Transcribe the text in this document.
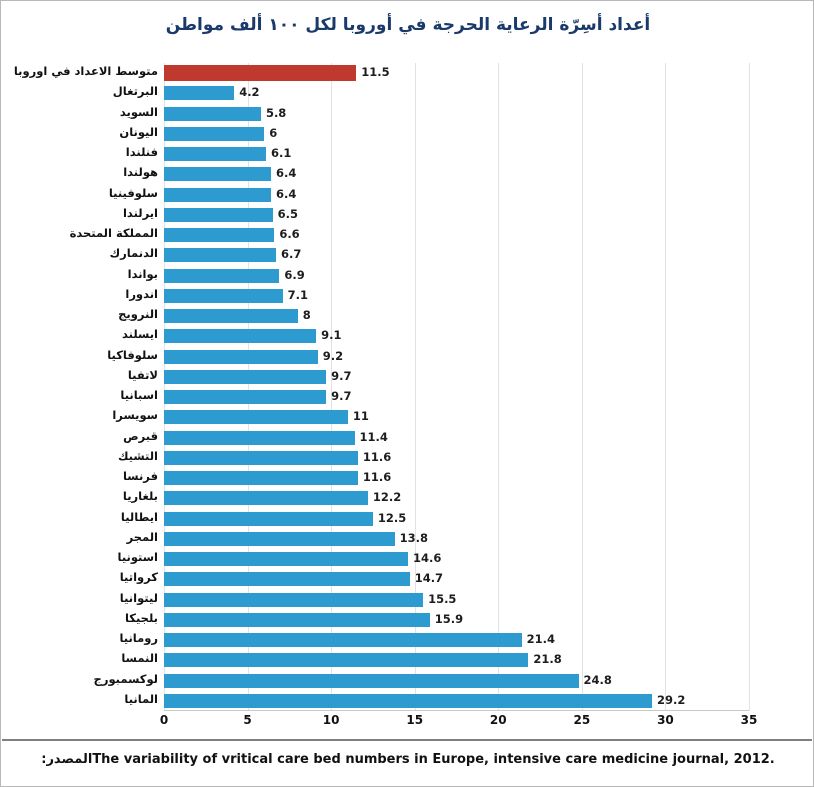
أعداد أسِرّة الرعاية الحرجة في أوروبا لكل ١٠٠ ألف مواطن
متوسط الاعداد في اوروبا	11.5
البرتغال	4.2
السويد	5.8
اليونان	6
فنلندا	6.1
هولندا	6.4
سلوفينيا	6.4
ايرلندا	6.5
المملكة المتحدة	6.6
الدنمارك	6.7
بواندا	6.9
اندورا	7.1
النرويج	8
ايسلند	9.1
سلوفاكيا	9.2
لاتفيا	9.7
اسبانيا	9.7
سويسرا	11
قبرص	11.4
التشيك	11.6
فرنسا	11.6
بلغاريا	12.2
ايطاليا	12.5
المجر	13.8
استونيا	14.6
كرواتيا	14.7
ليتوانيا	15.5
بلجيكا	15.9
رومانيا	21.4
النمسا	21.8
لوكسمبورج	24.8
المانيا	29.2
0	5	10	15	20	25	30	35
The variability of vritical care bed numbers in Europe, intensive care medicine journal, 2012.المصدر:
